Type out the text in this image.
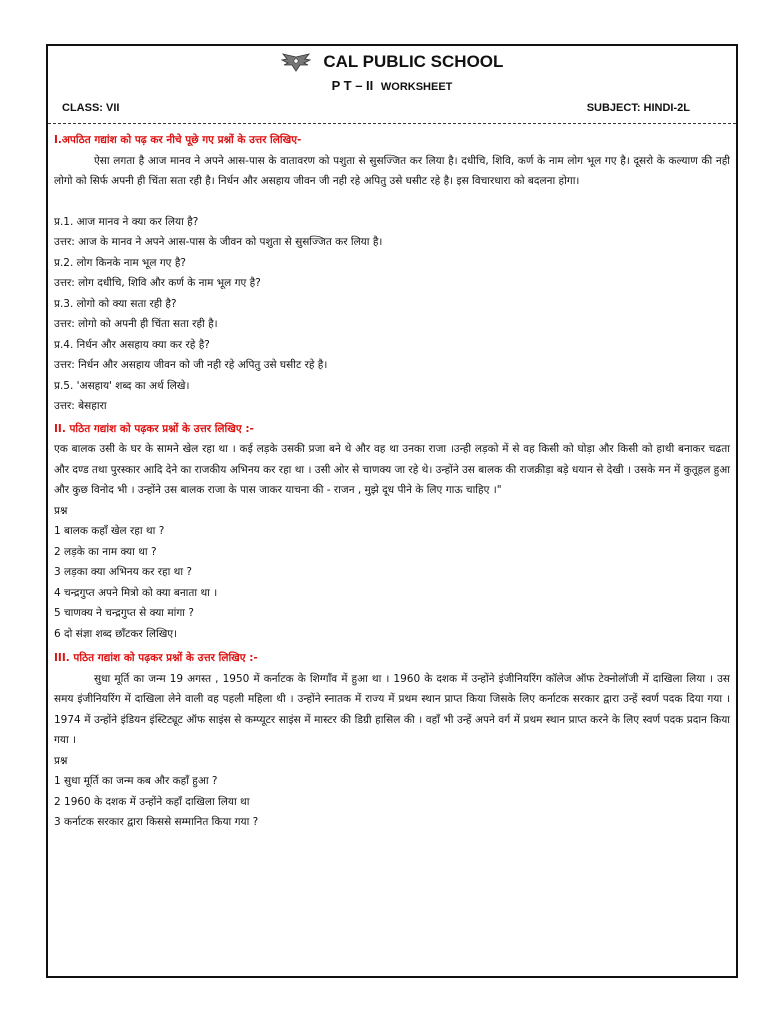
CAL PUBLIC SCHOOL
P T – II WORKSHEET
CLASS: VII	SUBJECT: HINDI-2L
I.अपठित गद्यांश को पढ़ कर नीचे पूछे गए प्रश्नों के उत्तर लिखिए-
ऐसा लगता है आज मानव ने अपने आस-पास के वातावरण को पशुता से सुसज्जित कर लिया है। दधीचि, शिवि, कर्ण के नाम लोग भूल गए है। दूसरो के कल्याण की नही लोगो को सिर्फ अपनी ही चिंता सता रही है। निर्धन और असहाय जीवन जी नही रहे अपितु उसे घसीट रहे है। इस विचारधारा को बदलना होगा।
प्र.1. आज मानव ने क्या कर लिया है?
उत्तर: आज के मानव ने अपने आस-पास के जीवन को पशुता से सुसज्जित कर लिया है।
प्र.2. लोग किनके नाम भूल गए है?
उत्तर: लोग दधीचि, शिवि और कर्ण के नाम भूल गए है?
प्र.3. लोगो को क्या सता रही है?
उत्तर: लोगो को अपनी ही चिंता सता रही है।
प्र.4. निर्धन और असहाय क्या कर रहे है?
उत्तर: निर्धन और असहाय जीवन को जी नही रहे अपितु उसे घसीट रहे है।
प्र.5. 'असहाय' शब्द का अर्थ लिखे।
उत्तर: बेसहारा
II. पठित गद्यांश को पढ़कर प्रश्नों के उत्तर लिखिए :-
एक बालक उसी के घर के सामने खेल रहा था । कई लड़के उसकी प्रजा बने थे और वह था उनका राजा ।उन्ही लड़को में से वह किसी को घोड़ा और किसी को हाथी बनाकर चढता और दण्ड तथा पुरस्कार आदि देने का राजकीय अभिनय कर रहा था । उसी ओर से चाणक्य जा रहे थे। उन्होंने उस बालक की राजक्रीड़ा बड़े धयान से देखी । उसके मन में कुतूहल हुआ और कुछ विनोद भी । उन्होंने उस बालक राजा के पास जाकर याचना की - राजन , मुझे दूध पीने के लिए गाऊ चाहिए ।"
प्रश्न
1 बालक कहाँ खेल रहा था ?
2 लड़के का नाम क्या था ?
3 लड़का क्या अभिनय कर रहा था ?
4 चन्द्रगुप्त अपने मित्रो को क्या बनाता था ।
5 चाणक्य ने चन्द्रगुप्त से क्या मांगा ?
6 दो संज्ञा शब्द छाँटकर लिखिए।
III. पठित गद्यांश को पढ़कर प्रश्नों के उत्तर लिखिए :-
सुधा मूर्ति का जन्म 19 अगस्त , 1950 में कर्नाटक के शिग्गाँव में हुआ था । 1960 के दशक में उन्होंने इंजीनियरिंग कॉलेज ऑफ टेक्नोलॉजी में दाखिला लिया । उस समय इंजीनियरिंग में दाखिला लेने वाली वह पहली महिला थी । उन्होंने स्नातक में राज्य में प्रथम स्थान प्राप्त किया जिसके लिए कर्नाटक सरकार द्वारा उन्हें स्वर्ण पदक दिया गया । 1974 में उन्होंने इंडियन इंस्टिट्यूट ऑफ साइंस से कम्प्यूटर साइंस में मास्टर की डिग्री हासिल की । वहाँ भी उन्हें अपने वर्ग में प्रथम स्थान प्राप्त करने के लिए स्वर्ण पदक प्रदान किया गया ।
प्रश्न
1 सुधा मूर्ति का जन्म कब और कहाँ हुआ ?
2 1960 के दशक में उन्होंने कहाँ दाखिला लिया था
3 कर्नाटक सरकार द्वारा किससे सम्मानित किया गया ?
